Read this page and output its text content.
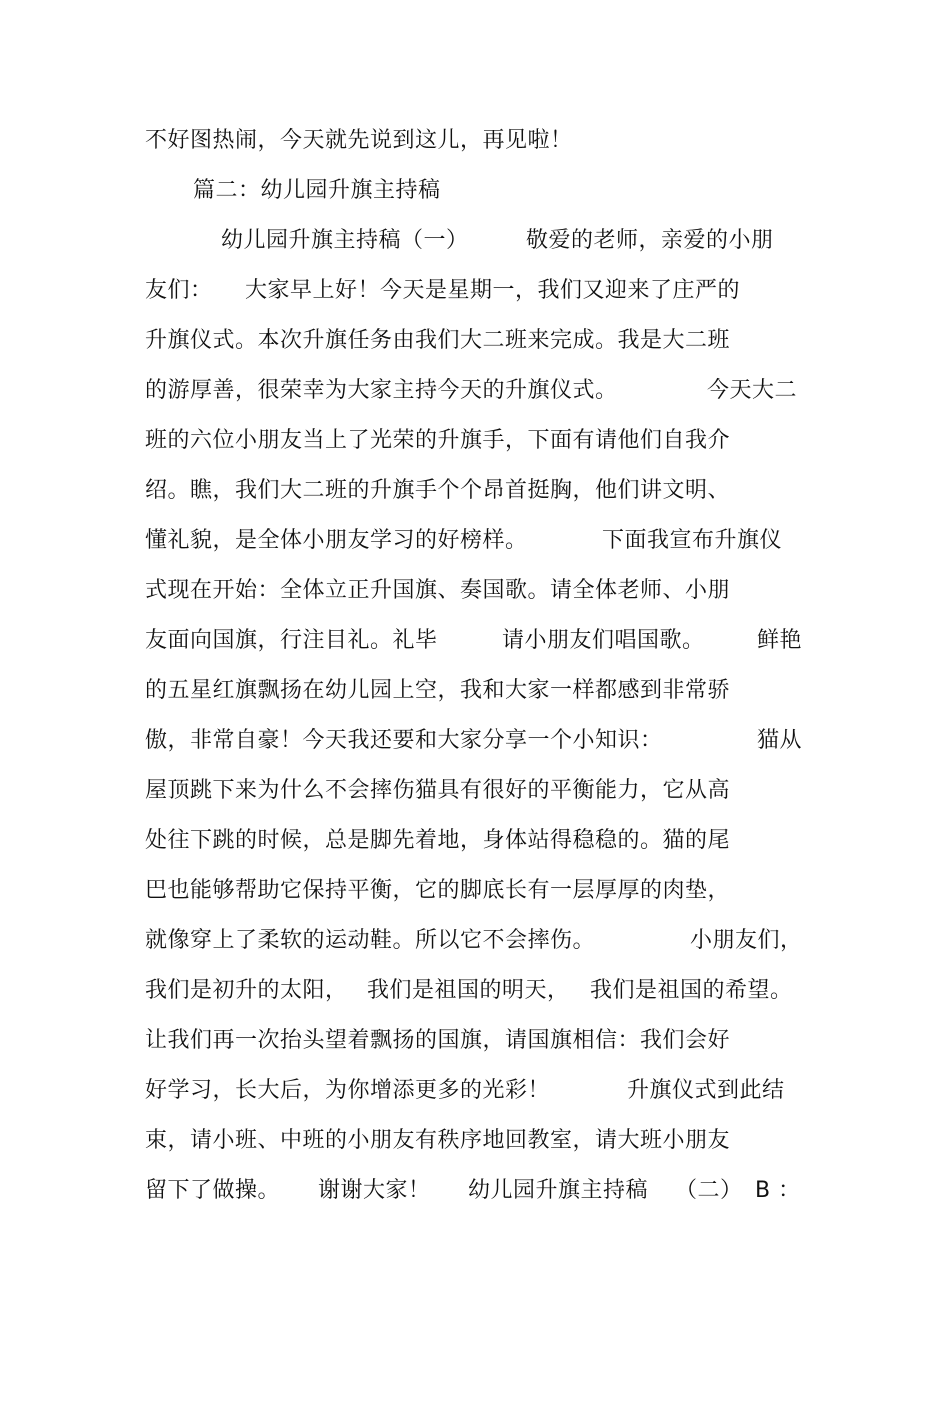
不好图热闹，今天就先说到这儿，再见啦！

篇二：幼儿园升旗主持稿

幼儿园升旗主持稿（一）

	敬爱的老师，亲爱的小朋

友们：

大家早上好！今天是星期一，我们又迎来了庄严的

升旗仪式。本次升旗任务由我们大二班来完成。我是大二班

的游厚善，很荣幸为大家主持今天的升旗仪式。

	今天大二

班的六位小朋友当上了光荣的升旗手，下面有请他们自我介

绍。瞧，我们大二班的升旗手个个昂首挺胸，他们讲文明、

懂礼貌，是全体小朋友学习的好榜样。

	下面我宣布升旗仪

式现在开始：全体立正升国旗、奏国歌。请全体老师、小朋

友面向国旗，行注目礼。礼毕

	请小朋友们唱国歌。

鲜艳

的五星红旗飘扬在幼儿园上空，我和大家一样都感到非常骄

傲，非常自豪！今天我还要和大家分享一个小知识：

	猫从

屋顶跳下来为什么不会摔伤猫具有很好的平衡能力，它从高

处往下跳的时候，总是脚先着地，身体站得稳稳的。猫的尾

巴也能够帮助它保持平衡，它的脚底长有一层厚厚的肉垫，

就像穿上了柔软的运动鞋。所以它不会摔伤。

	小朋友们，

我们是初升的太阳，

我们是祖国的明天，

我们是祖国的希望。

让我们再一次抬头望着飘扬的国旗，请国旗相信：我们会好

好学习，长大后，为你增添更多的光彩！

	升旗仪式到此结

束，请小班、中班的小朋友有秩序地回教室，请大班小朋友

留下了做操。

谢谢大家！

幼儿园升旗主持稿

（二）

B ：
